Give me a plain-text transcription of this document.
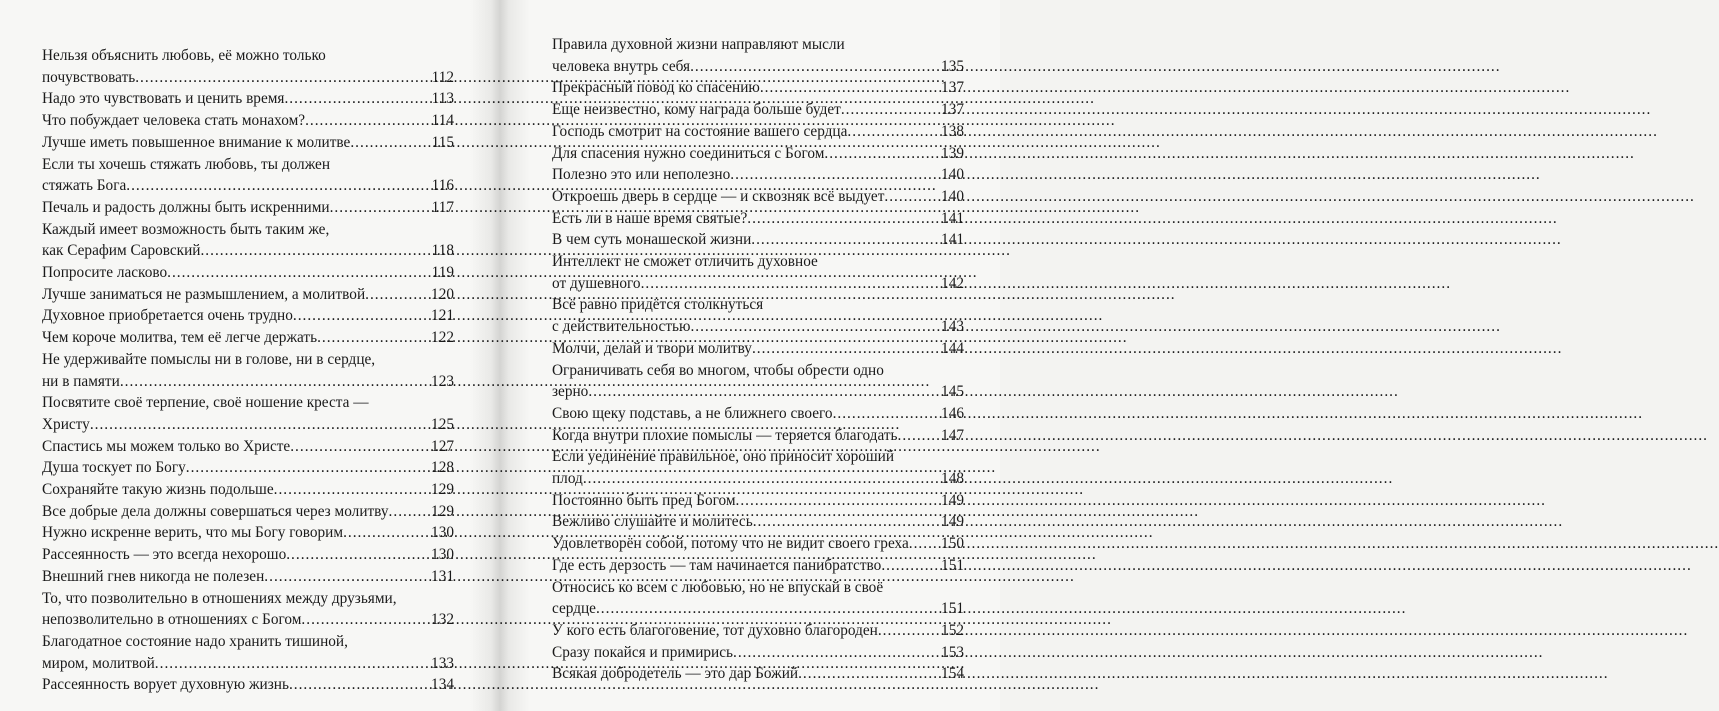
Нельзя объяснить любовь, её можно только
почувствовать .....	112
Надо это чувствовать и ценить время .....	113
Что побуждает человека стать монахом? .....	114
Лучше иметь повышенное внимание к молитве .....	115
Если ты хочешь стяжать любовь, ты должен
стяжать Бога .....	116
Печаль и радость должны быть искренними .....	117
Каждый имеет возможность быть таким же,
как Серафим Саровский .....	118
Попросите ласково .....	119
Лучше заниматься не размышлением, а молитвой .....	120
Духовное приобретается очень трудно .....	121
Чем короче молитва, тем её легче держать .....	122
Не удерживайте помыслы ни в голове, ни в сердце,
ни в памяти .....	123
Посвятите своё терпение, своё ношение креста —
Христу .....	125
Спастись мы можем только во Христе .....	127
Душа тоскует по Богу .....	128
Сохраняйте такую жизнь подольше .....	129
Все добрые дела должны совершаться через молитву .....	129
Нужно искренне верить, что мы Богу говорим .....	130
Рассеянность — это всегда нехорошо .....	130
Внешний гнев никогда не полезен .....	131
То, что позволительно в отношениях между друзьями,
непозволительно в отношениях с Богом .....	132
Благодатное состояние надо хранить тишиной,
миром, молитвой .....	133
Рассеянность ворует духовную жизнь .....	134
Правила духовной жизни направляют мысли
человека внутрь себя .....	135
Прекрасный повод ко спасению .....	137
Еще неизвестно, кому награда больше будет .....	137
Господь смотрит на состояние вашего сердца .....	138
Для спасения нужно соединиться с Богом .....	139
Полезно это или неполезно .....	140
Откроешь дверь в сердце — и сквозняк всё выдует .....	140
Есть ли в наше время святые? .....	141
В чем суть монашеской жизни .....	141
Интеллект не сможет отличить духовное
от душевного .....	142
Всё равно придётся столкнуться
с действительностью .....	143
Молчи, делай и твори молитву .....	144
Ограничивать себя во многом, чтобы обрести одно
зерно .....	145
Свою щеку подставь, а не ближнего своего .....	146
Когда внутри плохие помыслы — теряется благодать .....	147
Если уединение правильное, оно приносит хороший
плод .....	148
Постоянно быть пред Богом .....	149
Вежливо слушайте и молитесь .....	149
Удовлетворён собой, потому что не видит своего греха ..... 150
Где есть дерзость — там начинается панибратство .....	151
Относись ко всем с любовью, но не впускай в своё
сердце .....	151
У кого есть благоговение, тот духовно благороден .....	152
Сразу покайся и примирись .....	153
Всякая добродетель — это дар Божий .....	154
